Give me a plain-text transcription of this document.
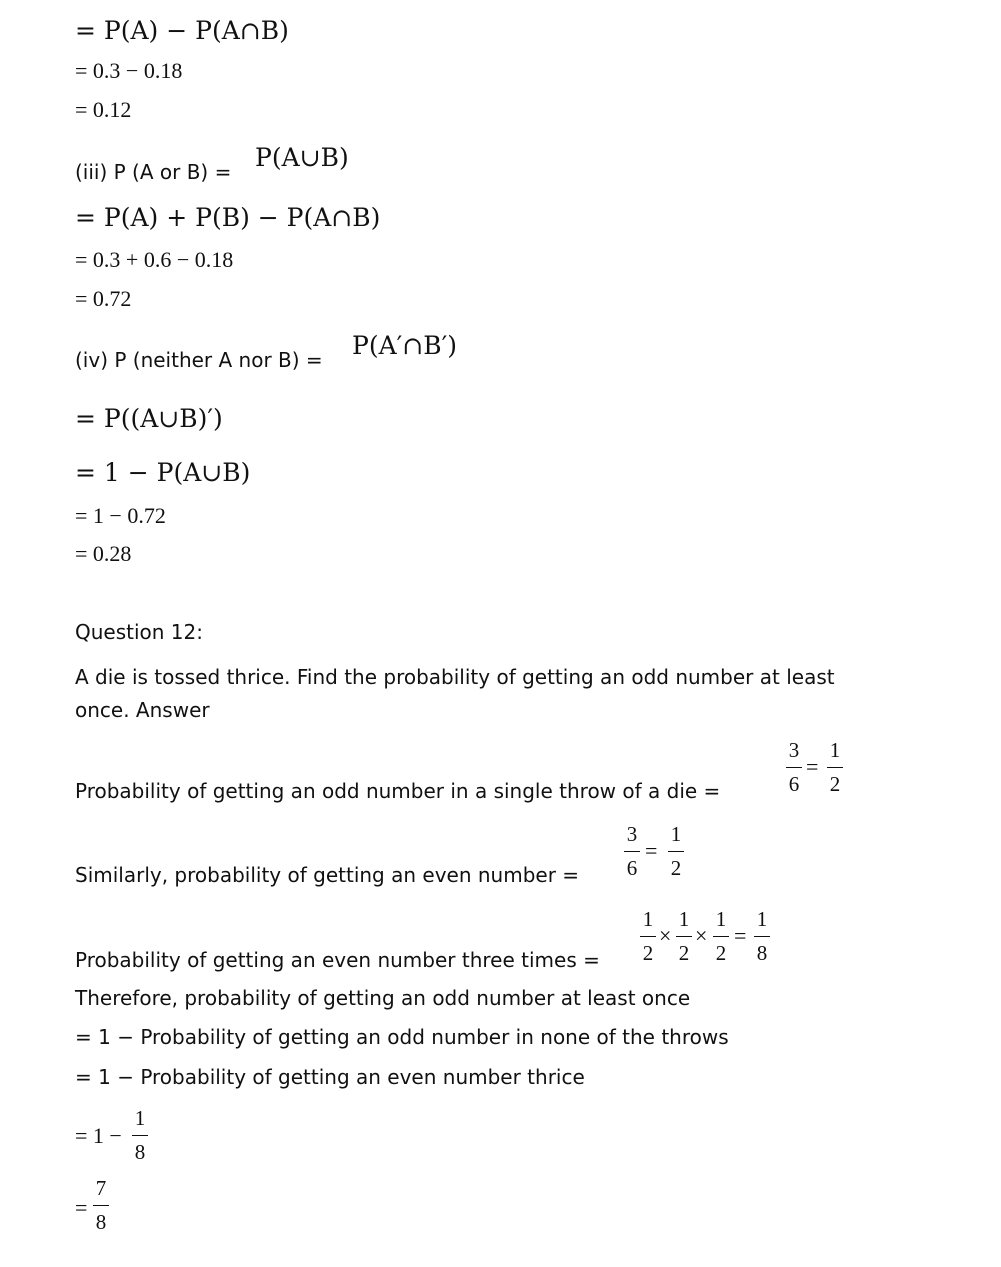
= P(A) − P(A∩B)
= 0.3 − 0.18
= 0.12
(iii) P (A or B) = P(A∪B)
= P(A) + P(B) − P(A∩B)
= 0.3 + 0.6 − 0.18
= 0.72
(iv) P (neither A nor B) = P(A′∩B′)
= P((A∪B)′)
= 1 − P(A∪B)
= 1 − 0.72
= 0.28
Question 12:
A die is tossed thrice. Find the probability of getting an odd number at least
once. Answer
Probability of getting an odd number in a single throw of a die =
3
6
=
1
2
Similarly, probability of getting an even number =
3
6
=
1
2
Probability of getting an even number three times =
1
2
×
1
2
×
1
2
=
1
8
Therefore, probability of getting an odd number at least once
= 1 − Probability of getting an odd number in none of the throws
= 1 − Probability of getting an even number thrice
= 1 −
1
8
=
7
8
